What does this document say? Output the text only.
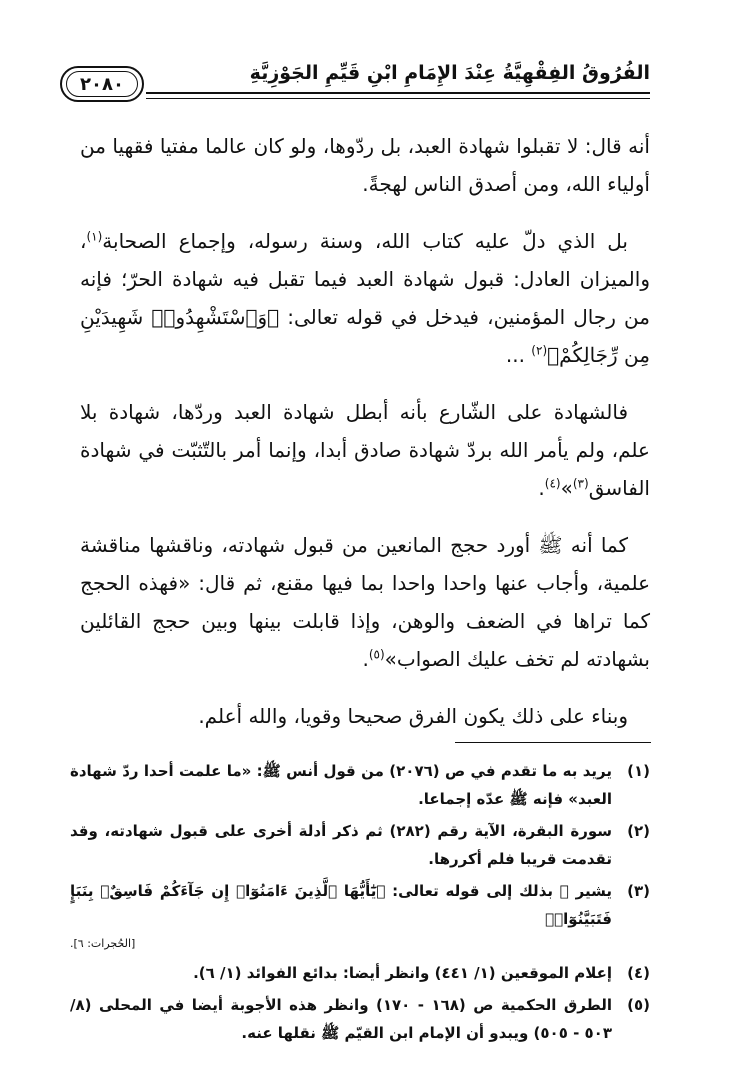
٢٠٨٠	الفُرُوقُ الفِقْهِيَّةُ عِنْدَ الإِمَامِ ابْنِ قَيِّمِ الجَوْزِيَّةِ

أنه قال: لا تقبلوا شهادة العبد، بل ردّوها، ولو كان عالما مفتيا فقهيا من أولياء الله، ومن أصدق الناس لهجةً.

بل الذي دلّ عليه كتاب الله، وسنة رسوله، وإجماع الصحابة$^{(١)}$، والميزان العادل: قبول شهادة العبد فيما تقبل فيه شهادة الحرّ؛ فإنه من رجال المؤمنين، فيدخل في قوله تعالى: ﴿وَٱسْتَشْهِدُوا۟ شَهِيدَيْنِ مِن رِّجَالِكُمْ﴾$^{(٢)}$ ...

فالشهادة على الشّارع بأنه أبطل شهادة العبد وردّها، شهادة بلا علم، ولم يأمر الله بردّ شهادة صادق أبدا، وإنما أمر بالتّثبّت في شهادة الفاسق$^{(٣)}$»$^{(٤)}$.

كما أنه ﷺ أورد حجج المانعين من قبول شهادته، وناقشها مناقشة علمية، وأجاب عنها واحدا واحدا بما فيها مقنع، ثم قال: «فهذه الحجج كما تراها في الضعف والوهن، وإذا قابلت بينها وبين حجج القائلين بشهادته لم تخف عليك الصواب»$^{(٥)}$.

وبناء على ذلك يكون الفرق صحيحا وقويا، والله أعلم.

(١)
يريد به ما تقدم في ص (٢٠٧٦) من قول أنس ﷺ: «ما علمت أحدا ردّ شهادة العبد» فإنه ﷺ عدّه إجماعا.
(٢)
سورة البقرة، الآية رقم (٢٨٢) ثم ذكر أدلة أخرى على قبول شهادته، وقد تقدمت قريبا فلم أكررها.
(٣)
يشير ﷺ بذلك إلى قوله تعالى: ﴿يَٰٓأَيُّهَا ٱلَّذِينَ ءَامَنُوٓا۟ إِن جَآءَكُمْ فَاسِقٌۢ بِنَبَإٍ فَتَبَيَّنُوٓا۟﴾
[الحُجرات: ٦].
(٤)
إعلام الموقعين (١/ ٤٤١) وانظر أيضا: بدائع الفوائد (١/ ٦).
(٥)
الطرق الحكمية ص (١٦٨ - ١٧٠) وانظر هذه الأجوبة أيضا في المحلى (٨/ ٥٠٣ - ٥٠٥) ويبدو أن الإمام ابن القيّم ﷺ نقلها عنه.
